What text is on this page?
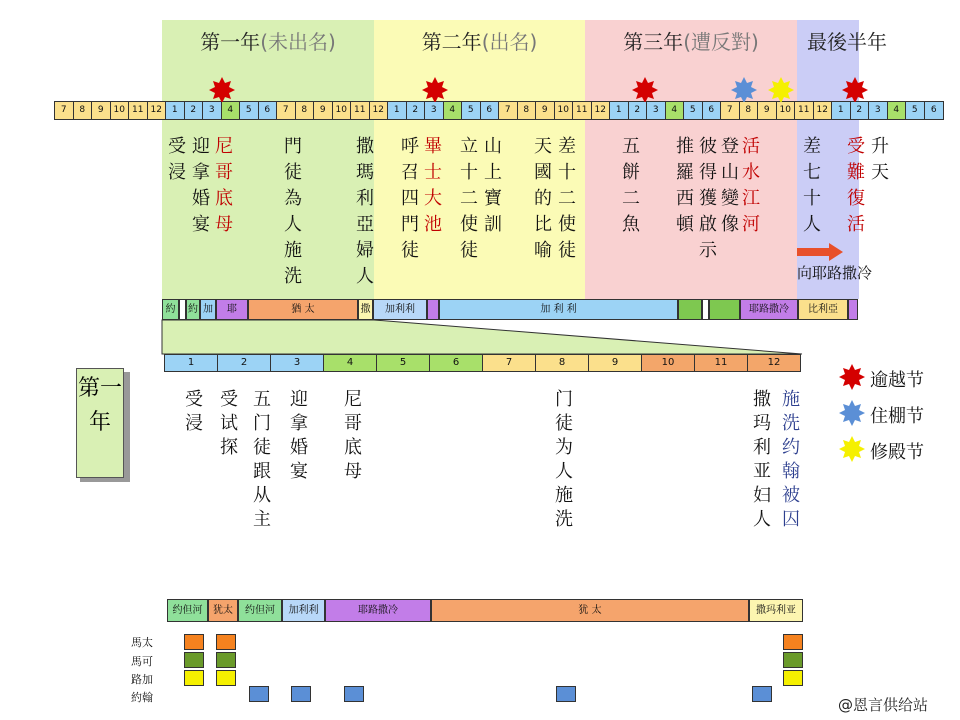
第一年(未出名)	第二年(出名)	第三年(遭反對)	最後半年
7	8	9	10 11 12	1	2	3	4	5	6	7	8	9	10 11 12	1	2	3	4	5	6	7	8	9	10 11 12	1	2	3	4	5	6	7	8	9	10 11 12	1	2	3	4	5	6
受浸
迎拿婚宴
尼哥底母
門徒為人施洗
撒瑪利亞婦人
呼召四門徒
畢士大池
立十二使徒
山上寶訓
天國的比喻
差十二使徒
五餅二魚
推羅西頓
彼得獲啟示
登山變像
活水江河
差七十人
受難復活
升天
向耶路撒冷
約	約 加	耶	猶 太	撒	加利利	加 利 利	耶路撒冷	比利亞
1	2	3	4	5	6	7	8	9	10	11	12
第一年
受浸
受试探
五门徒跟从主
迎拿婚宴
尼哥底母
门徒为人施洗
撒玛利亚妇人
施洗约翰被囚
逾越节
住棚节
修殿节
约但河	犹太	约但河	加利利	耶路撒冷	犹 太	撒玛利亚
馬太
馬可
路加
約翰	@恩言供给站
